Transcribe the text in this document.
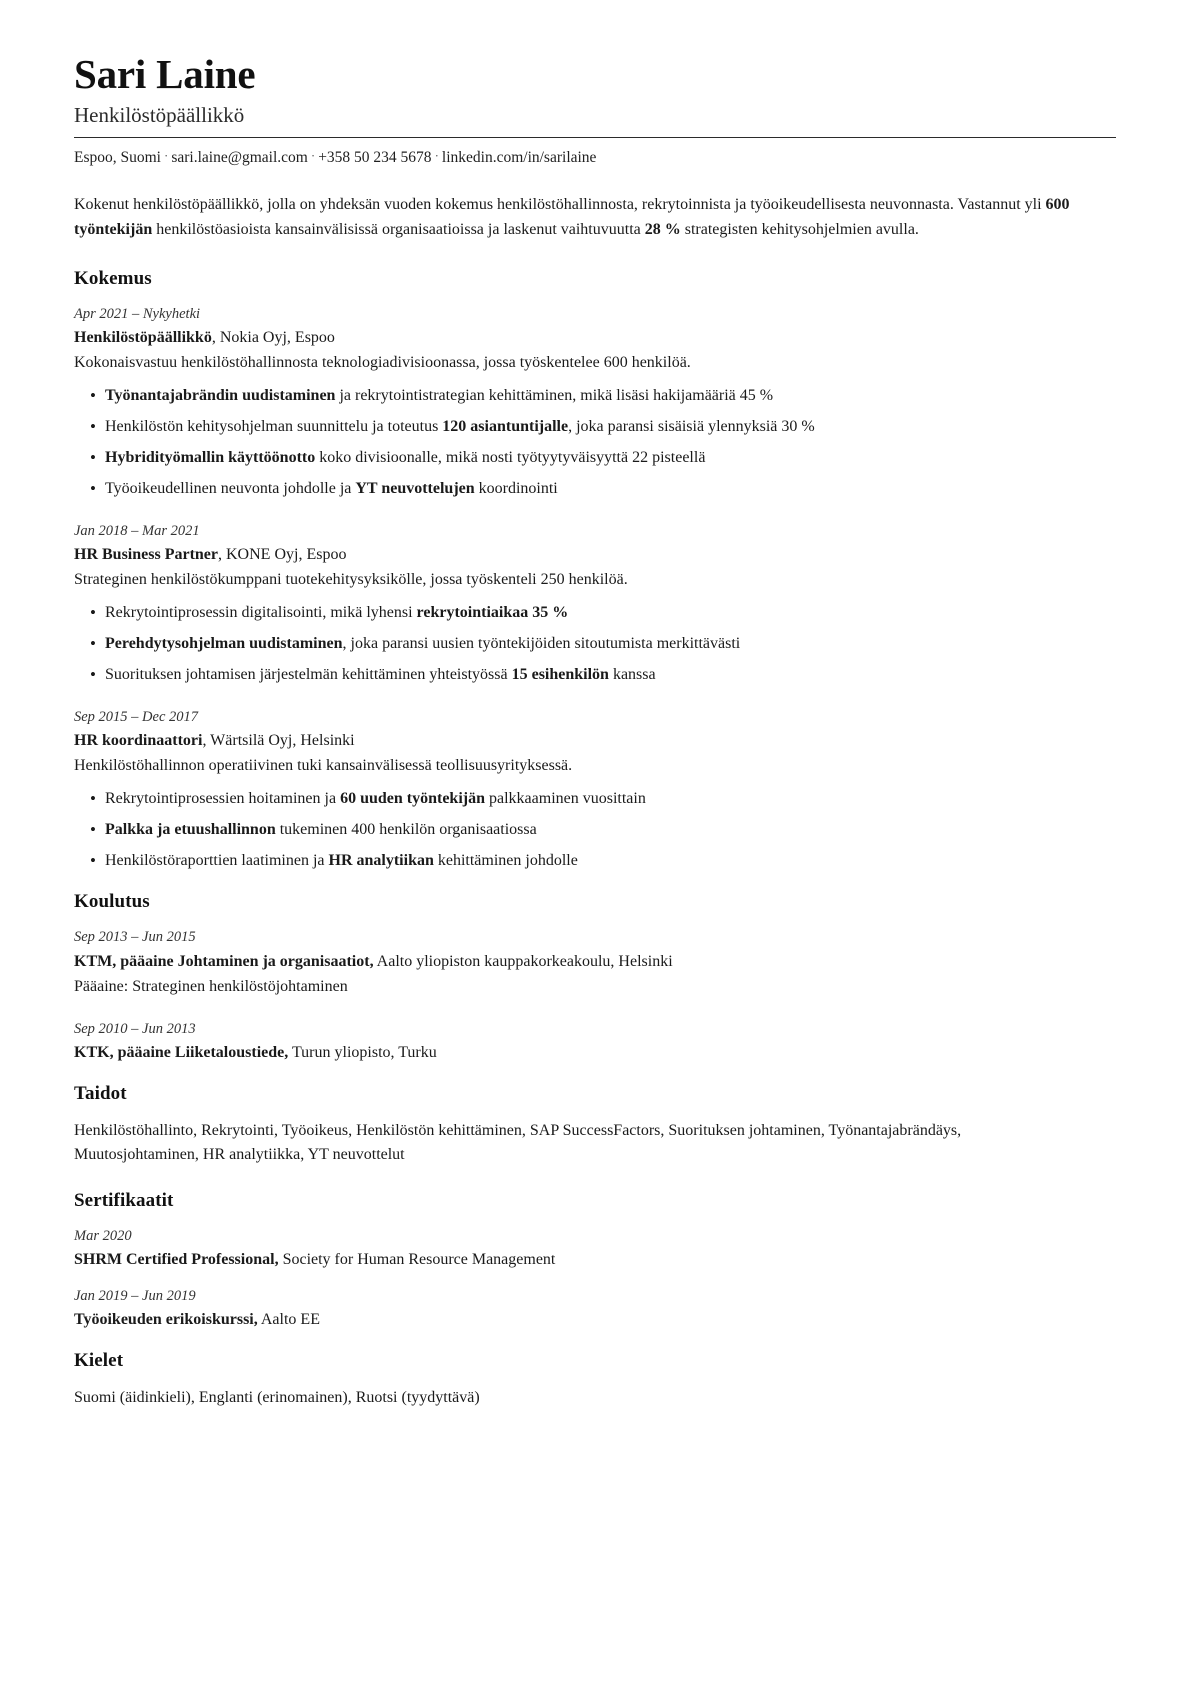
Sari Laine
Henkilöstöpäällikkö
Espoo, Suomi · sari.laine@gmail.com · +358 50 234 5678 · linkedin.com/in/sarilaine

Kokenut henkilöstöpäällikkö, jolla on yhdeksän vuoden kokemus henkilöstöhallinnosta, rekrytoinnista ja työoikeudellisesta neuvonnasta. Vastannut yli 600 työntekijän henkilöstöasioista kansainvälisissä organisaatioissa ja laskenut vaihtuvuutta 28 % strategisten kehitysohjelmien avulla.

Kokemus
Apr 2021 – Nykyhetki
Henkilöstöpäällikkö, Nokia Oyj, Espoo
Kokonaisvastuu henkilöstöhallinnosta teknologiadivisioonassa, jossa työskentelee 600 henkilöä.
• Työnantajabrändin uudistaminen ja rekrytointistrategian kehittäminen, mikä lisäsi hakijamääriä 45 %
• Henkilöstön kehitysohjelman suunnittelu ja toteutus 120 asiantuntijalle, joka paransi sisäisiä ylennyksiä 30 %
• Hybridityömallin käyttöönotto koko divisioonalle, mikä nosti työtyytyväisyyttä 22 pisteellä
• Työoikeudellinen neuvonta johdolle ja YT neuvottelujen koordinointi
Jan 2018 – Mar 2021
HR Business Partner, KONE Oyj, Espoo
Strateginen henkilöstökumppani tuotekehitysyksikölle, jossa työskenteli 250 henkilöä.
• Rekrytointiprosessin digitalisointi, mikä lyhensi rekrytointiaikaa 35 %
• Perehdytysohjelman uudistaminen, joka paransi uusien työntekijöiden sitoutumista merkittävästi
• Suorituksen johtamisen järjestelmän kehittäminen yhteistyössä 15 esihenkilön kanssa
Sep 2015 – Dec 2017
HR koordinaattori, Wärtsilä Oyj, Helsinki
Henkilöstöhallinnon operatiivinen tuki kansainvälisessä teollisuusyrityksessä.
• Rekrytointiprosessien hoitaminen ja 60 uuden työntekijän palkkaaminen vuosittain
• Palkka ja etuushallinnon tukeminen 400 henkilön organisaatiossa
• Henkilöstöraporttien laatiminen ja HR analytiikan kehittäminen johdolle
Koulutus
Sep 2013 – Jun 2015
KTM, pääaine Johtaminen ja organisaatiot, Aalto yliopiston kauppakorkeakoulu, Helsinki
Pääaine: Strateginen henkilöstöjohtaminen
Sep 2010 – Jun 2013
KTK, pääaine Liiketaloustiede, Turun yliopisto, Turku
Taidot

Henkilöstöhallinto, Rekrytointi, Työoikeus, Henkilöstön kehittäminen, SAP SuccessFactors, Suorituksen johtaminen, Työnantajabrändäys, Muutosjohtaminen, HR analytiikka, YT neuvottelut

Sertifikaatit
Mar 2020
SHRM Certified Professional, Society for Human Resource Management
Jan 2019 – Jun 2019
Työoikeuden erikoiskurssi, Aalto EE
Kielet

Suomi (äidinkieli), Englanti (erinomainen), Ruotsi (tyydyttävä)
